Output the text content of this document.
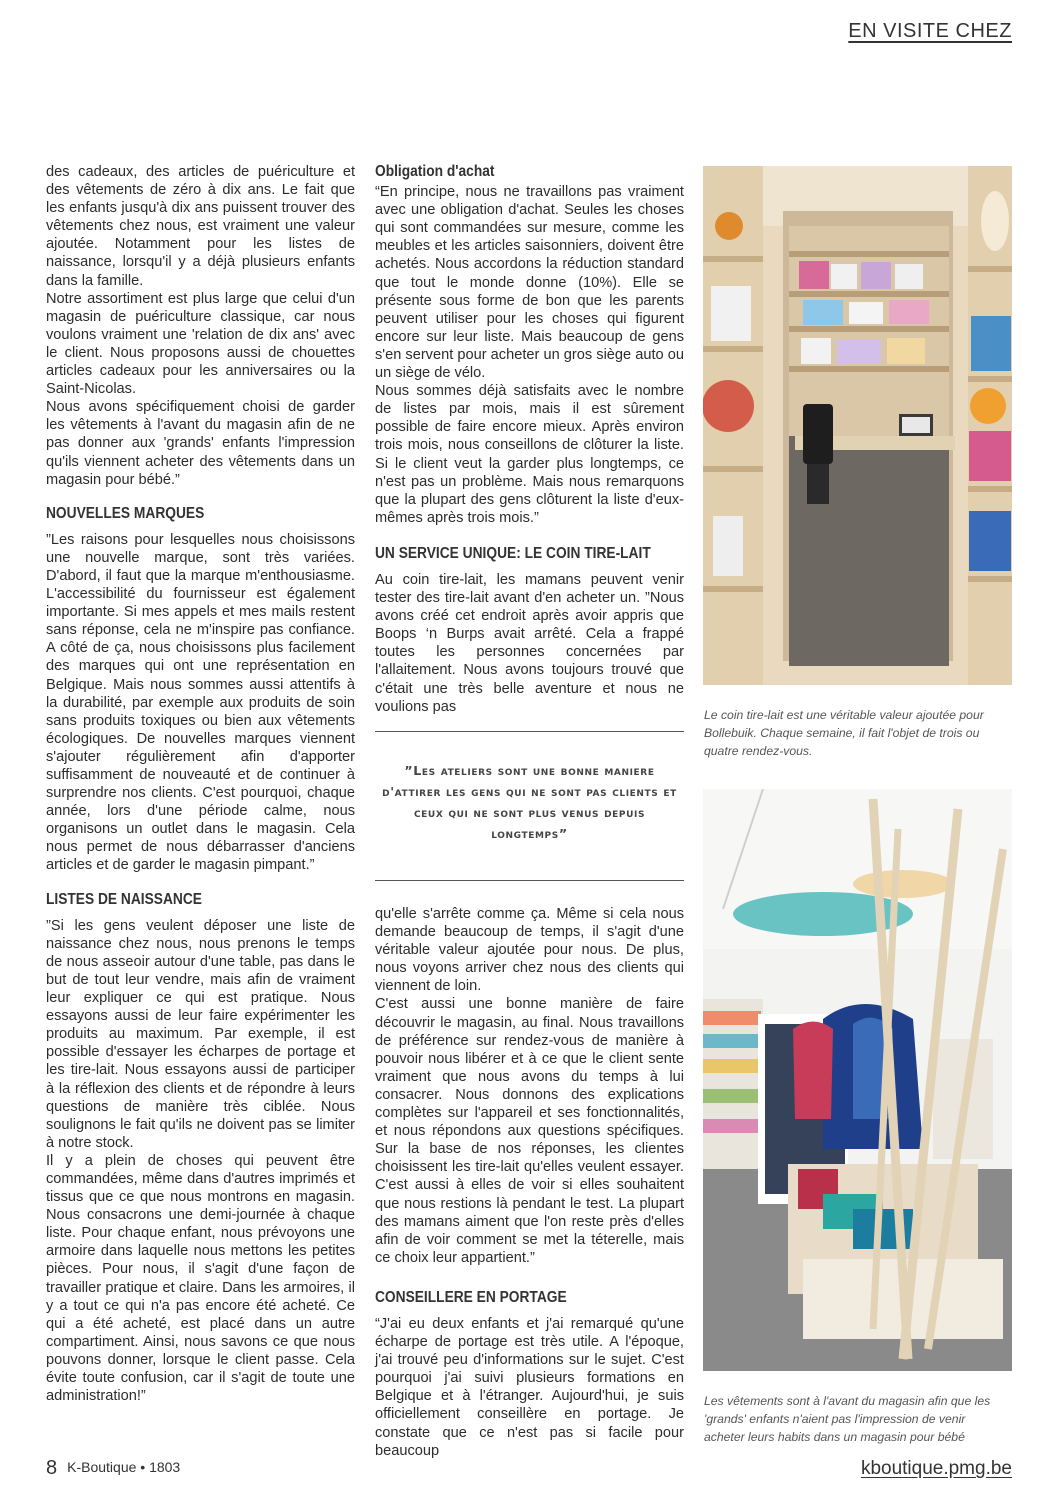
EN VISITE CHEZ

des cadeaux, des articles de puériculture et des vêtements de zéro à dix ans. Le fait que les enfants jusqu'à dix ans puissent trouver des vêtements chez nous, est vraiment une valeur ajoutée. Notamment pour les listes de naissance, lorsqu'il y a déjà plusieurs enfants dans la famille.

Notre assortiment est plus large que celui d'un magasin de puériculture classique, car nous voulons vraiment une 'relation de dix ans' avec le client. Nous proposons aussi de chouettes articles cadeaux pour les anniversaires ou la Saint-Nicolas.

Nous avons spécifiquement choisi de garder les vêtements à l'avant du magasin afin de ne pas donner aux 'grands' enfants l'impression qu'ils viennent acheter des vêtements dans un magasin pour bébé.”

NOUVELLES MARQUES

”Les raisons pour lesquelles nous choisissons une nouvelle marque, sont très variées. D'abord, il faut que la marque m'enthousiasme. L'accessibilité du fournisseur est également importante. Si mes appels et mes mails restent sans réponse, cela ne m'inspire pas confiance. A côté de ça, nous choisissons plus facilement des marques qui ont une représentation en Belgique. Mais nous sommes aussi attentifs à la durabilité, par exemple aux produits de soin sans produits toxiques ou bien aux vêtements écologiques. De nouvelles marques viennent s'ajouter régulièrement afin d'apporter suffisamment de nouveauté et de continuer à surprendre nos clients. C'est pourquoi, chaque année, lors d'une période calme, nous organisons un outlet dans le magasin. Cela nous permet de nous débarrasser d'anciens articles et de garder le magasin pimpant.”

LISTES DE NAISSANCE

”Si les gens veulent déposer une liste de naissance chez nous, nous prenons le temps de nous asseoir autour d'une table, pas dans le but de tout leur vendre, mais afin de vraiment leur expliquer ce qui est pratique. Nous essayons aussi de leur faire expérimenter les produits au maximum. Par exemple, il est possible d'essayer les écharpes de portage et les tire-lait. Nous essayons aussi de participer à la réflexion des clients et de répondre à leurs questions de manière très ciblée. Nous soulignons le fait qu'ils ne doivent pas se limiter à notre stock.

Il y a plein de choses qui peuvent être commandées, même dans d'autres imprimés et tissus que ce que nous montrons en magasin. Nous consacrons une demi-journée à chaque liste. Pour chaque enfant, nous prévoyons une armoire dans laquelle nous mettons les petites pièces. Pour nous, il s'agit d'une façon de travailler pratique et claire. Dans les armoires, il y a tout ce qui n'a pas encore été acheté. Ce qui a été acheté, est placé dans un autre compartiment. Ainsi, nous savons ce que nous pouvons donner, lorsque le client passe. Cela évite toute confusion, car il s'agit de toute une administration!”

Obligation d'achat

“En principe, nous ne travaillons pas vraiment avec une obligation d'achat. Seules les choses qui sont commandées sur mesure, comme les meubles et les articles saisonniers, doivent être achetés. Nous accordons la réduction standard que tout le monde donne (10%). Elle se présente sous forme de bon que les parents peuvent utiliser pour les choses qui figurent encore sur leur liste. Mais beaucoup de gens s'en servent pour acheter un gros siège auto ou un siège de vélo.

Nous sommes déjà satisfaits avec le nombre de listes par mois, mais il est sûrement possible de faire encore mieux. Après environ trois mois, nous conseillons de clôturer la liste. Si le client veut la garder plus longtemps, ce n'est pas un problème. Mais nous remarquons que la plupart des gens clôturent la liste d'eux-mêmes après trois mois.”

UN SERVICE UNIQUE: LE COIN TIRE-LAIT

Au coin tire-lait, les mamans peuvent venir tester des tire-lait avant d'en acheter un. ”Nous avons créé cet endroit après avoir appris que Boops ‘n Burps avait arrêté. Cela a frappé toutes les personnes concernées par l'allaitement. Nous avons toujours trouvé que c'était une très belle aventure et nous ne voulions pas

”Les ateliers sont une bonne maniere d'attirer les gens qui ne sont pas clients et ceux qui ne sont plus venus depuis longtemps”

qu'elle s'arrête comme ça. Même si cela nous demande beaucoup de temps, il s'agit d'une véritable valeur ajoutée pour nous. De plus, nous voyons arriver chez nous des clients qui viennent de loin.

C'est aussi une bonne manière de faire découvrir le magasin, au final. Nous travaillons de préférence sur rendez-vous de manière à pouvoir nous libérer et à ce que le client sente vraiment que nous avons du temps à lui consacrer. Nous donnons des explications complètes sur l'appareil et ses fonctionnalités, et nous répondons aux questions spécifiques. Sur la base de nos réponses, les clientes choisissent les tire-lait qu'elles veulent essayer. C'est aussi à elles de voir si elles souhaitent que nous restions là pendant le test. La plupart des mamans aiment que l'on reste près d'elles afin de voir comment se met la téterelle, mais ce choix leur appartient.”

CONSEILLERE EN PORTAGE

“J'ai eu deux enfants et j'ai remarqué qu'une écharpe de portage est très utile. A l'époque, j'ai trouvé peu d'informations sur le sujet. C'est pourquoi j'ai suivi plusieurs formations en Belgique et à l'étranger. Aujourd'hui, je suis officiellement conseillère en portage. Je constate que ce n'est pas si facile pour beaucoup

Le coin tire-lait est une véritable valeur ajoutée pour Bollebuik. Chaque semaine, il fait l'objet de trois ou quatre rendez-vous.
Les vêtements sont à l'avant du magasin afin que les 'grands' enfants n'aient pas l'impression de venir acheter leurs habits dans un magasin pour bébé
8 K-Boutique • 1803	kboutique.pmg.be
